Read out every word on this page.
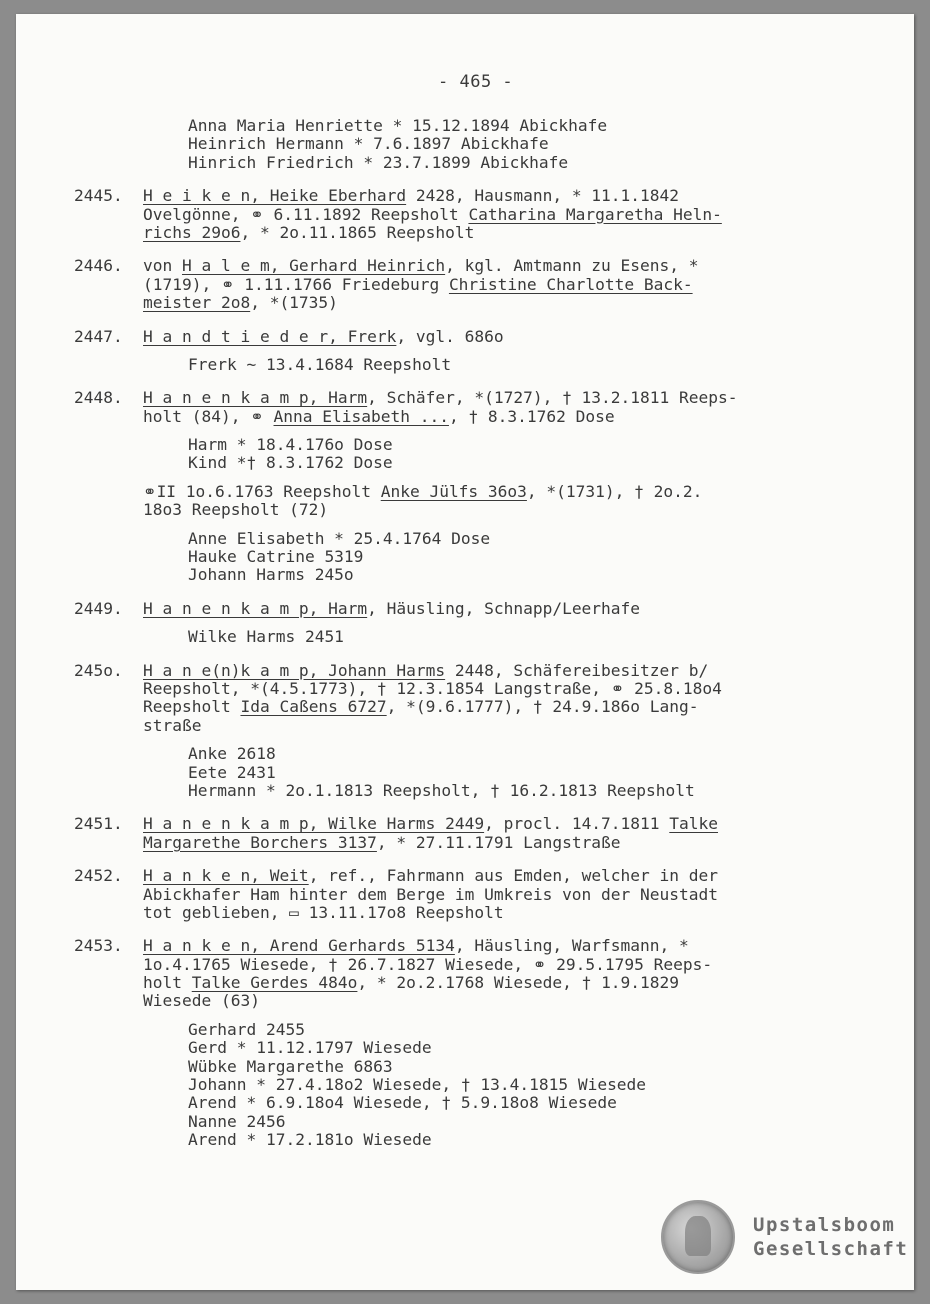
- 465 -
Anna Maria Henriette * 15.12.1894 Abickhafe
Heinrich Hermann * 7.6.1897 Abickhafe
Hinrich Friedrich * 23.7.1899 Abickhafe
2445. H e i k e n, Heike Eberhard 2428, Hausmann, * 11.1.1842
Ovelgönne, ⚭ 6.11.1892 Reepsholt Catharina Margaretha Heln-
richs 29o6, * 2o.11.1865 Reepsholt
2446. von H a l e m, Gerhard Heinrich, kgl. Amtmann zu Esens, *
(1719), ⚭ 1.11.1766 Friedeburg Christine Charlotte Back-
meister 2o8, *(1735)
2447. H a n d t i e d e r, Frerk, vgl. 686o
Frerk ~ 13.4.1684 Reepsholt
2448. H a n e n k a m p, Harm, Schäfer, *(1727), † 13.2.1811 Reeps-
holt (84), ⚭ Anna Elisabeth ..., † 8.3.1762 Dose
Harm * 18.4.176o Dose
Kind *† 8.3.1762 Dose
⚭II 1o.6.1763 Reepsholt Anke Jülfs 36o3, *(1731), † 2o.2.
18o3 Reepsholt (72)
Anne Elisabeth * 25.4.1764 Dose
Hauke Catrine 5319
Johann Harms 245o
2449. H a n e n k a m p, Harm, Häusling, Schnapp/Leerhafe
Wilke Harms 2451
245o. H a n e(n)k a m p, Johann Harms 2448, Schäfereibesitzer b/
Reepsholt, *(4.5.1773), † 12.3.1854 Langstraße, ⚭ 25.8.18o4
Reepsholt Ida Caßens 6727, *(9.6.1777), † 24.9.186o Lang-
straße
Anke 2618
Eete 2431
Hermann * 2o.1.1813 Reepsholt, † 16.2.1813 Reepsholt
2451. H a n e n k a m p, Wilke Harms 2449, procl. 14.7.1811 Talke
Margarethe Borchers 3137, * 27.11.1791 Langstraße
2452. H a n k e n, Weit, ref., Fahrmann aus Emden, welcher in der
Abickhafer Ham hinter dem Berge im Umkreis von der Neustadt
tot geblieben, ▭ 13.11.17o8 Reepsholt
2453. H a n k e n, Arend Gerhards 5134, Häusling, Warfsmann, *
1o.4.1765 Wiesede, † 26.7.1827 Wiesede, ⚭ 29.5.1795 Reeps-
holt Talke Gerdes 484o, * 2o.2.1768 Wiesede, † 1.9.1829
Wiesede (63)
Gerhard 2455
Gerd * 11.12.1797 Wiesede
Wübke Margarethe 6863
Johann * 27.4.18o2 Wiesede, † 13.4.1815 Wiesede
Arend * 6.9.18o4 Wiesede, † 5.9.18o8 Wiesede
Nanne 2456
Arend * 17.2.181o Wiesede
Upstalsboom
Gesellschaft
